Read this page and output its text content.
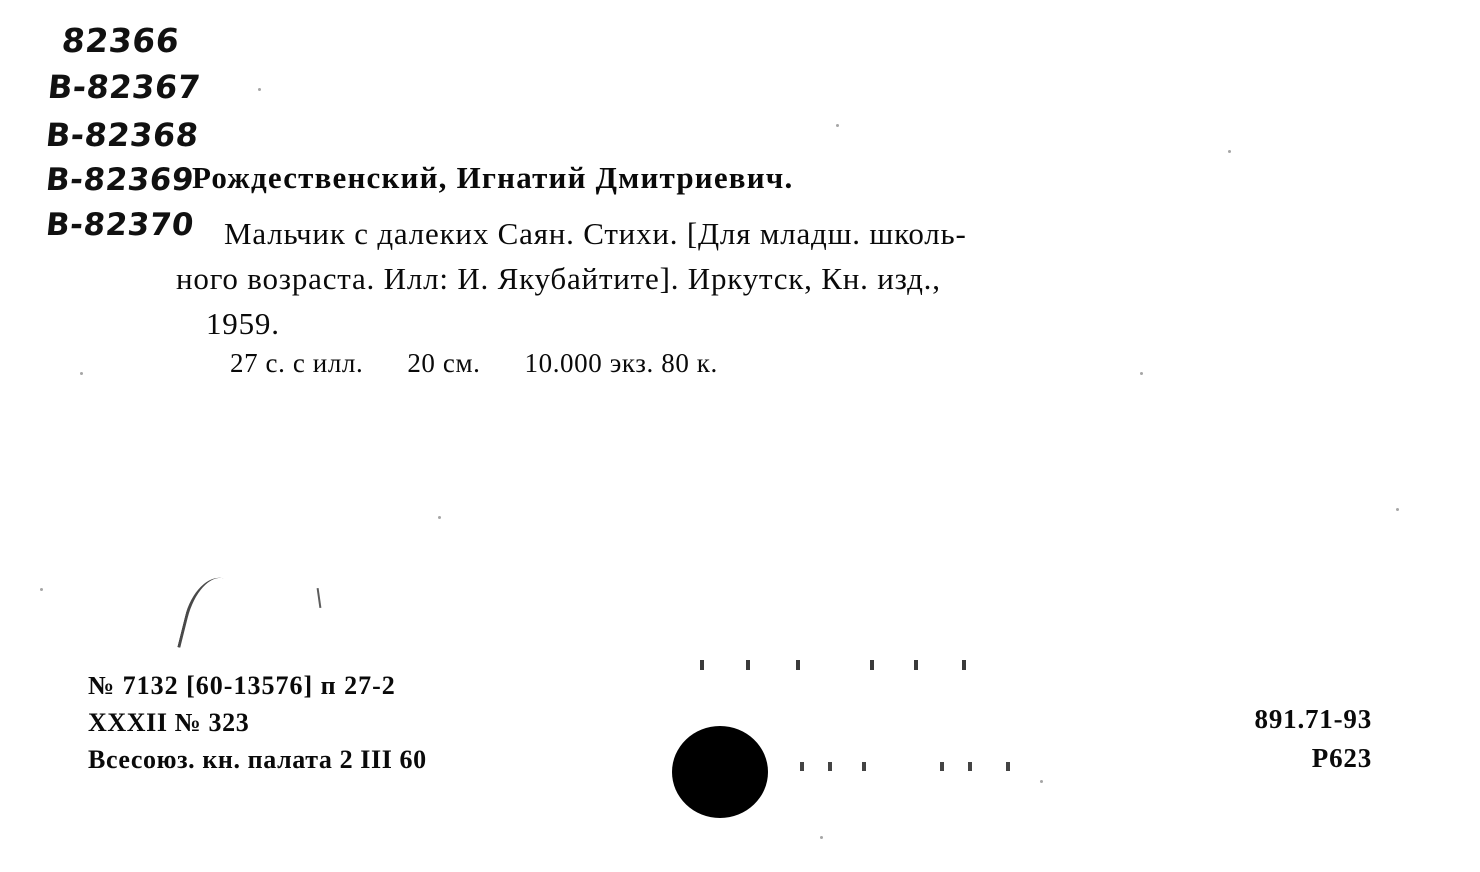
82366
В-82367
В-82368
В-82369
В-82370
Рождественский, Игнатий Дмитриевич.
Мальчик с далеких Саян. Стихи. [Для младш. школь-
ного возраста. Илл: И. Якубайтите]. Иркутск, Кн. изд.,
1959.
27 с. с илл. 20 см. 10.000 экз. 80 к.
№ 7132 [60-13576] п 27-2
XXXII № 323
Всесоюз. кн. палата 2 III 60
891.71-93
Р623
